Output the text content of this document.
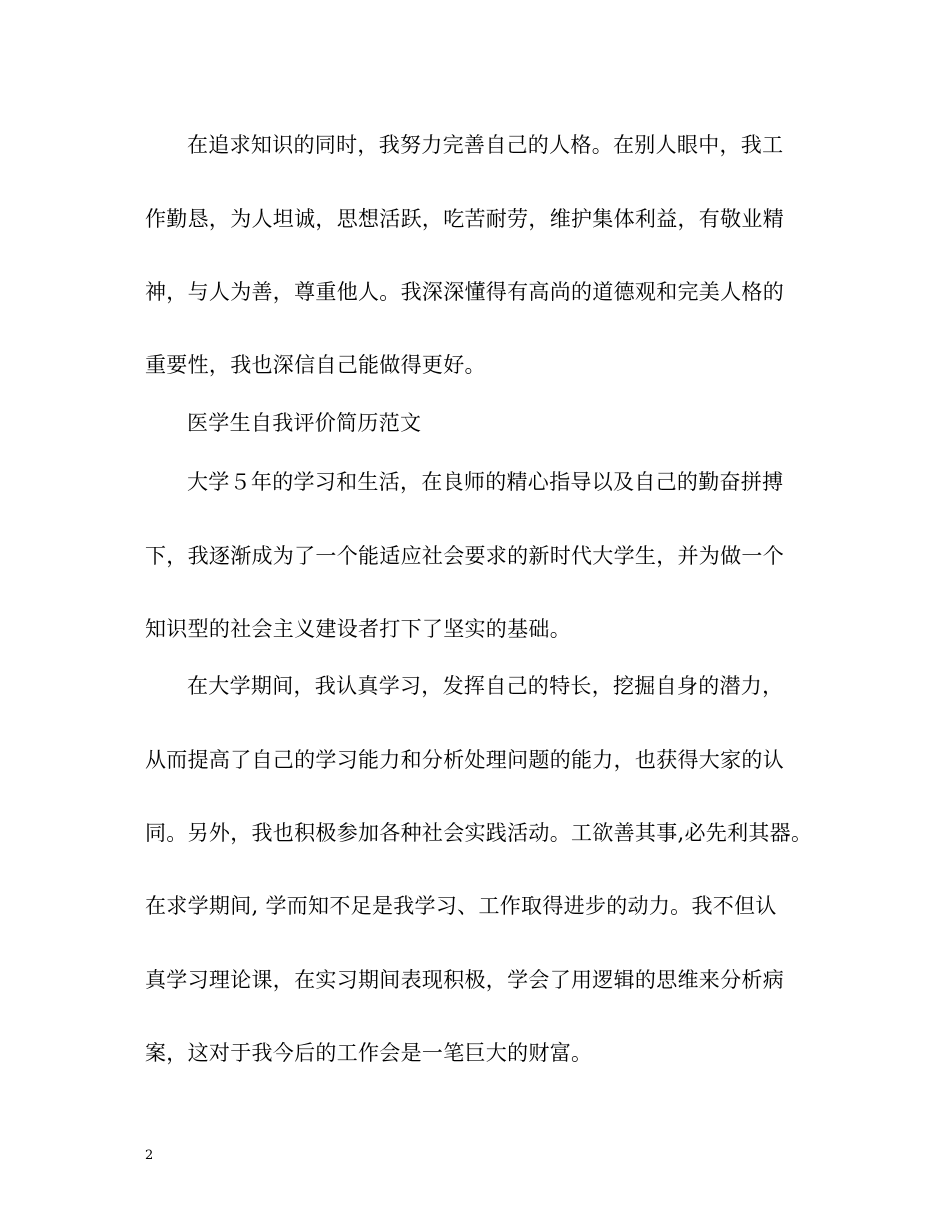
在追求知识的同时，我努力完善自己的人格。在别人眼中，我工
作勤恳，为人坦诚，思想活跃，吃苦耐劳，维护集体利益，有敬业精
神，与人为善，尊重他人。我深深懂得有高尚的道德观和完美人格的
重要性，我也深信自己能做得更好。
医学生自我评价简历范文
大学５年的学习和生活，在良师的精心指导以及自己的勤奋拼搏
下，我逐渐成为了一个能适应社会要求的新时代大学生，并为做一个
知识型的社会主义建设者打下了坚实的基础。
在大学期间，我认真学习，发挥自己的特长，挖掘自身的潜力，
从而提高了自己的学习能力和分析处理问题的能力，也获得大家的认
同。另外，我也积极参加各种社会实践活动。工欲善其事,必先利其器。
在求学期间, 学而知不足是我学习、工作取得进步的动力。我不但认
真学习理论课，在实习期间表现积极，学会了用逻辑的思维来分析病
案，这对于我今后的工作会是一笔巨大的财富。
2
